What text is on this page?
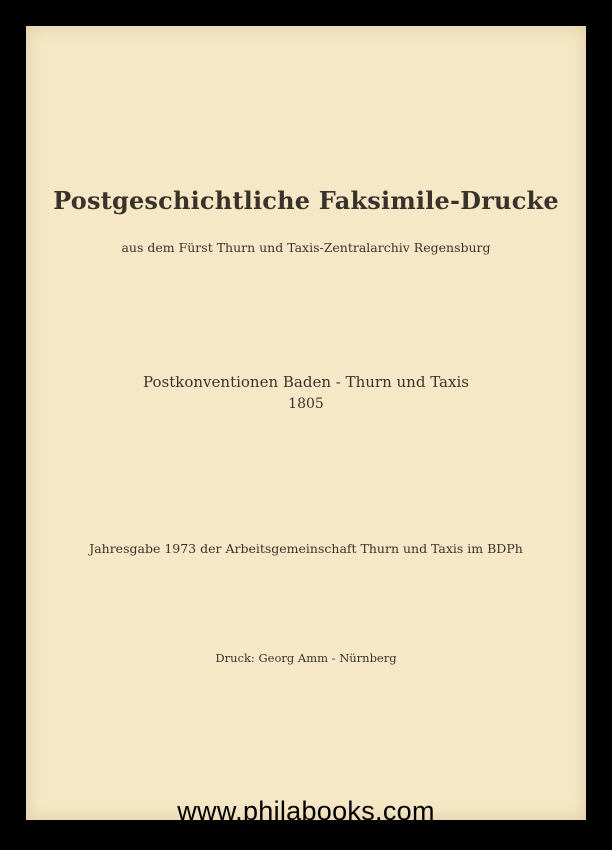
Postgeschichtliche Faksimile-Drucke
aus dem Fürst Thurn und Taxis-Zentralarchiv Regensburg
Postkonventionen Baden - Thurn und Taxis
1805
Jahresgabe 1973 der Arbeitsgemeinschaft Thurn und Taxis im BDPh
Druck: Georg Amm - Nürnberg
www.philabooks.com
